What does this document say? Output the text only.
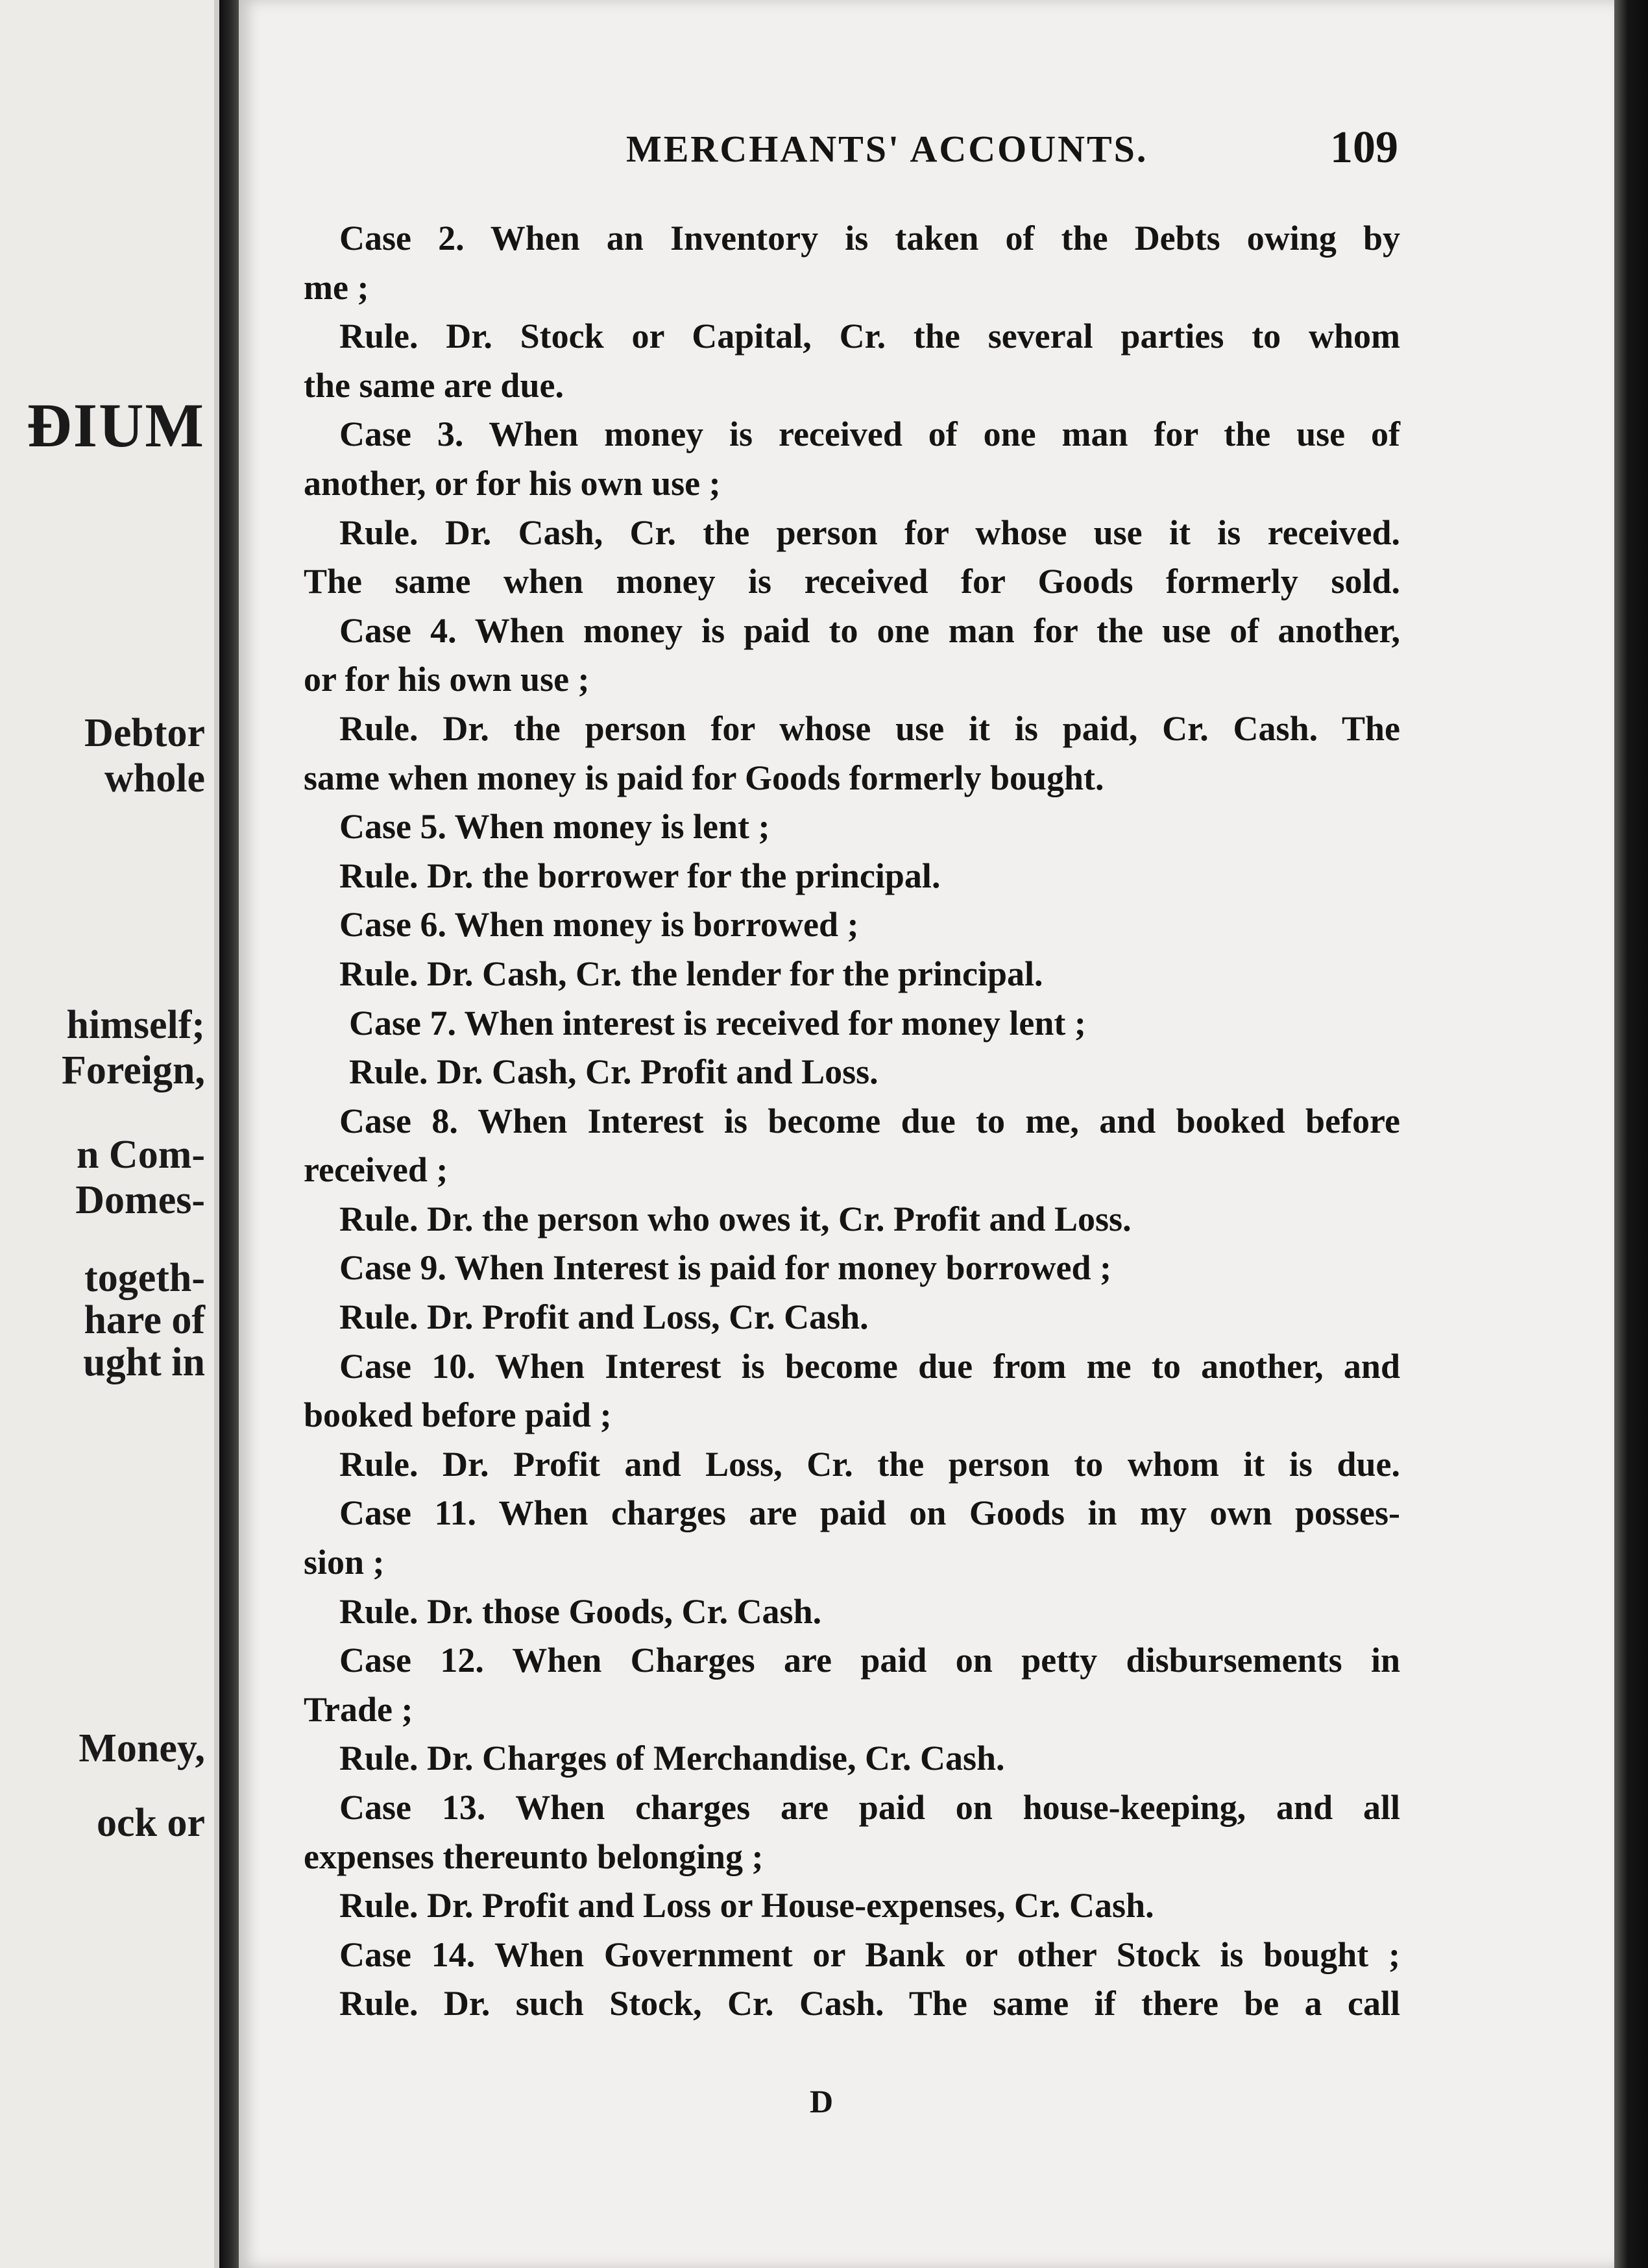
ĐIUM
Debtor
whole
himself;
Foreign,
n Com-
Domes-
togeth-
hare of
ught in
Money,
ock or
MERCHANTS' ACCOUNTS.	109
Case 2. When an Inventory is taken of the Debts owing by
me ;
Rule. Dr. Stock or Capital, Cr. the several parties to whom
the same are due.
Case 3. When money is received of one man for the use of
another, or for his own use ;
Rule. Dr. Cash, Cr. the person for whose use it is received.
The same when money is received for Goods formerly sold.
Case 4. When money is paid to one man for the use of another,
or for his own use ;
Rule. Dr. the person for whose use it is paid, Cr. Cash. The
same when money is paid for Goods formerly bought.
Case 5. When money is lent ;
Rule. Dr. the borrower for the principal.
Case 6. When money is borrowed ;
Rule. Dr. Cash, Cr. the lender for the principal.
Case 7. When interest is received for money lent ;
Rule. Dr. Cash, Cr. Profit and Loss.
Case 8. When Interest is become due to me, and booked before
received ;
Rule. Dr. the person who owes it, Cr. Profit and Loss.
Case 9. When Interest is paid for money borrowed ;
Rule. Dr. Profit and Loss, Cr. Cash.
Case 10. When Interest is become due from me to another, and
booked before paid ;
Rule. Dr. Profit and Loss, Cr. the person to whom it is due.
Case 11. When charges are paid on Goods in my own posses-
sion ;
Rule. Dr. those Goods, Cr. Cash.
Case 12. When Charges are paid on petty disbursements in
Trade ;
Rule. Dr. Charges of Merchandise, Cr. Cash.
Case 13. When charges are paid on house-keeping, and all
expenses thereunto belonging ;
Rule. Dr. Profit and Loss or House-expenses, Cr. Cash.
Case 14. When Government or Bank or other Stock is bought ;
Rule. Dr. such Stock, Cr. Cash. The same if there be a call
D
